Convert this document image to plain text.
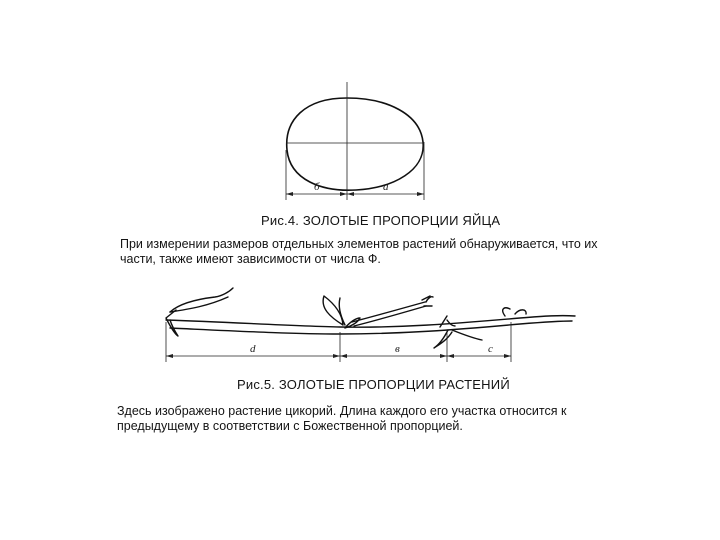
б	а
d	в	с
Рис.4. ЗОЛОТЫЕ ПРОПОРЦИИ ЯЙЦА
При измерении размеров отдельных элементов растений обнаруживается, что их
части, также имеют зависимости от числа Ф.
Рис.5. ЗОЛОТЫЕ ПРОПОРЦИИ РАСТЕНИЙ
Здесь изображено растение цикорий. Длина каждого его участка относится к
предыдущему в соответствии с Божественной пропорцией.
